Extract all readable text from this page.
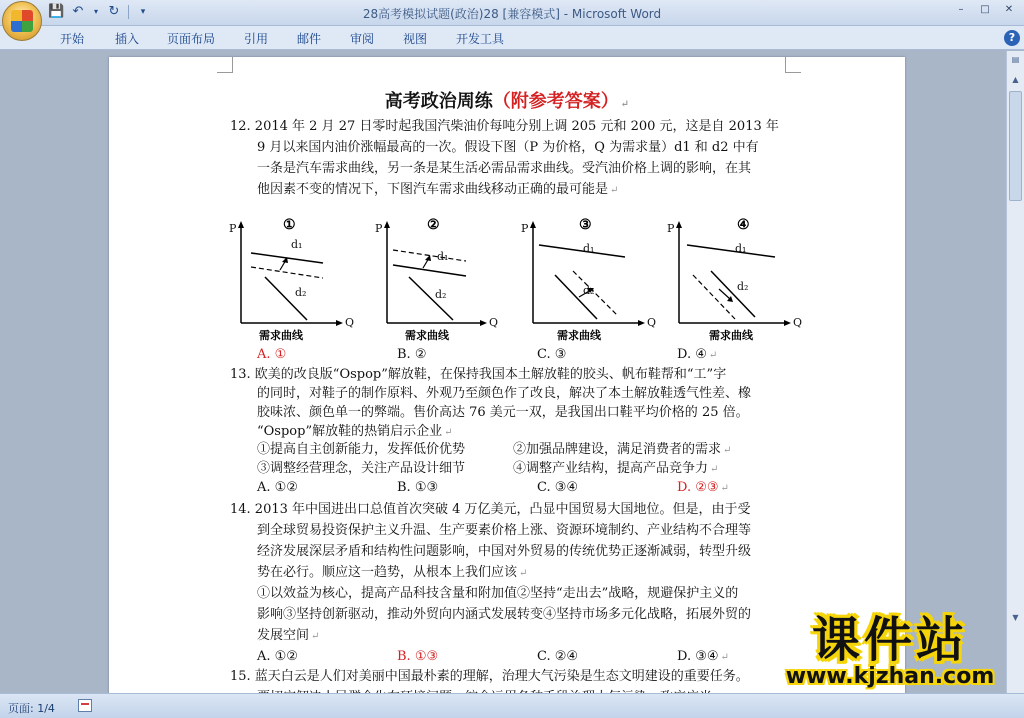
💾 ↶	▾ ↻	▾	28高考模拟试题(政治)28 [兼容模式] - Microsoft Word	–	□	✕
开始	插入 页面布局 引用 邮件 审阅 视图 开发工具	?
高考政治周练（附参考答案） ↵
12. 2014 年 2 月 27 日零时起我国汽柴油价每吨分别上调 205 元和 200 元，这是自 2013 年
9 月以来国内油价涨幅最高的一次。假设下图（P 为价格，Q 为需求量）d1 和 d2 中有
一条是汽车需求曲线，另一条是某生活必需品需求曲线。受汽油价格上调的影响，在其
他因素不变的情况下，下图汽车需求曲线移动正确的最可能是 ↵
①
P
Q
d₁
d₂
需求曲线
②
P
Q
d₁
d₂
需求曲线
③
P
Q
d₁
d₂
需求曲线
④
P
Q
d₁
d₂
需求曲线
A. ①	B. ②	C. ③	D. ④ ↵
13. 欧美的改良版“Ospop”解放鞋，在保持我国本土解放鞋的胶头、帆布鞋帮和“工”字
的同时，对鞋子的制作原料、外观乃至颜色作了改良，解决了本土解放鞋透气性差、橡
胶味浓、颜色单一的弊端。售价高达 76 美元一双，是我国出口鞋平均价格的 25 倍。
“Ospop”解放鞋的热销启示企业 ↵
①提高自主创新能力，发挥低价优势	②加强品牌建设，满足消费者的需求 ↵
③调整经营理念，关注产品设计细节	④调整产业结构，提高产品竞争力 ↵
A. ①②	B. ①③	C. ③④	D. ②③ ↵
14. 2013 年中国进出口总值首次突破 4 万亿美元，凸显中国贸易大国地位。但是，由于受
到全球贸易投资保护主义升温、生产要素价格上涨、资源环境制约、产业结构不合理等
经济发展深层矛盾和结构性问题影响，中国对外贸易的传统优势正逐渐减弱，转型升级
势在必行。顺应这一趋势，从根本上我们应该 ↵
①以效益为核心，提高产品科技含量和附加值②坚持“走出去”战略，规避保护主义的
影响③坚持创新驱动，推动外贸向内涵式发展转变④坚持市场多元化战略，拓展外贸的
发展空间 ↵
A. ①②	B. ①③	C. ②④	D. ③④ ↵
15. 蓝天白云是人们对美丽中国最朴素的理解，治理大气污染是生态文明建设的重要任务。
▤
▲
▼
页面: 1/4
课件站
www.kjzhan.com
